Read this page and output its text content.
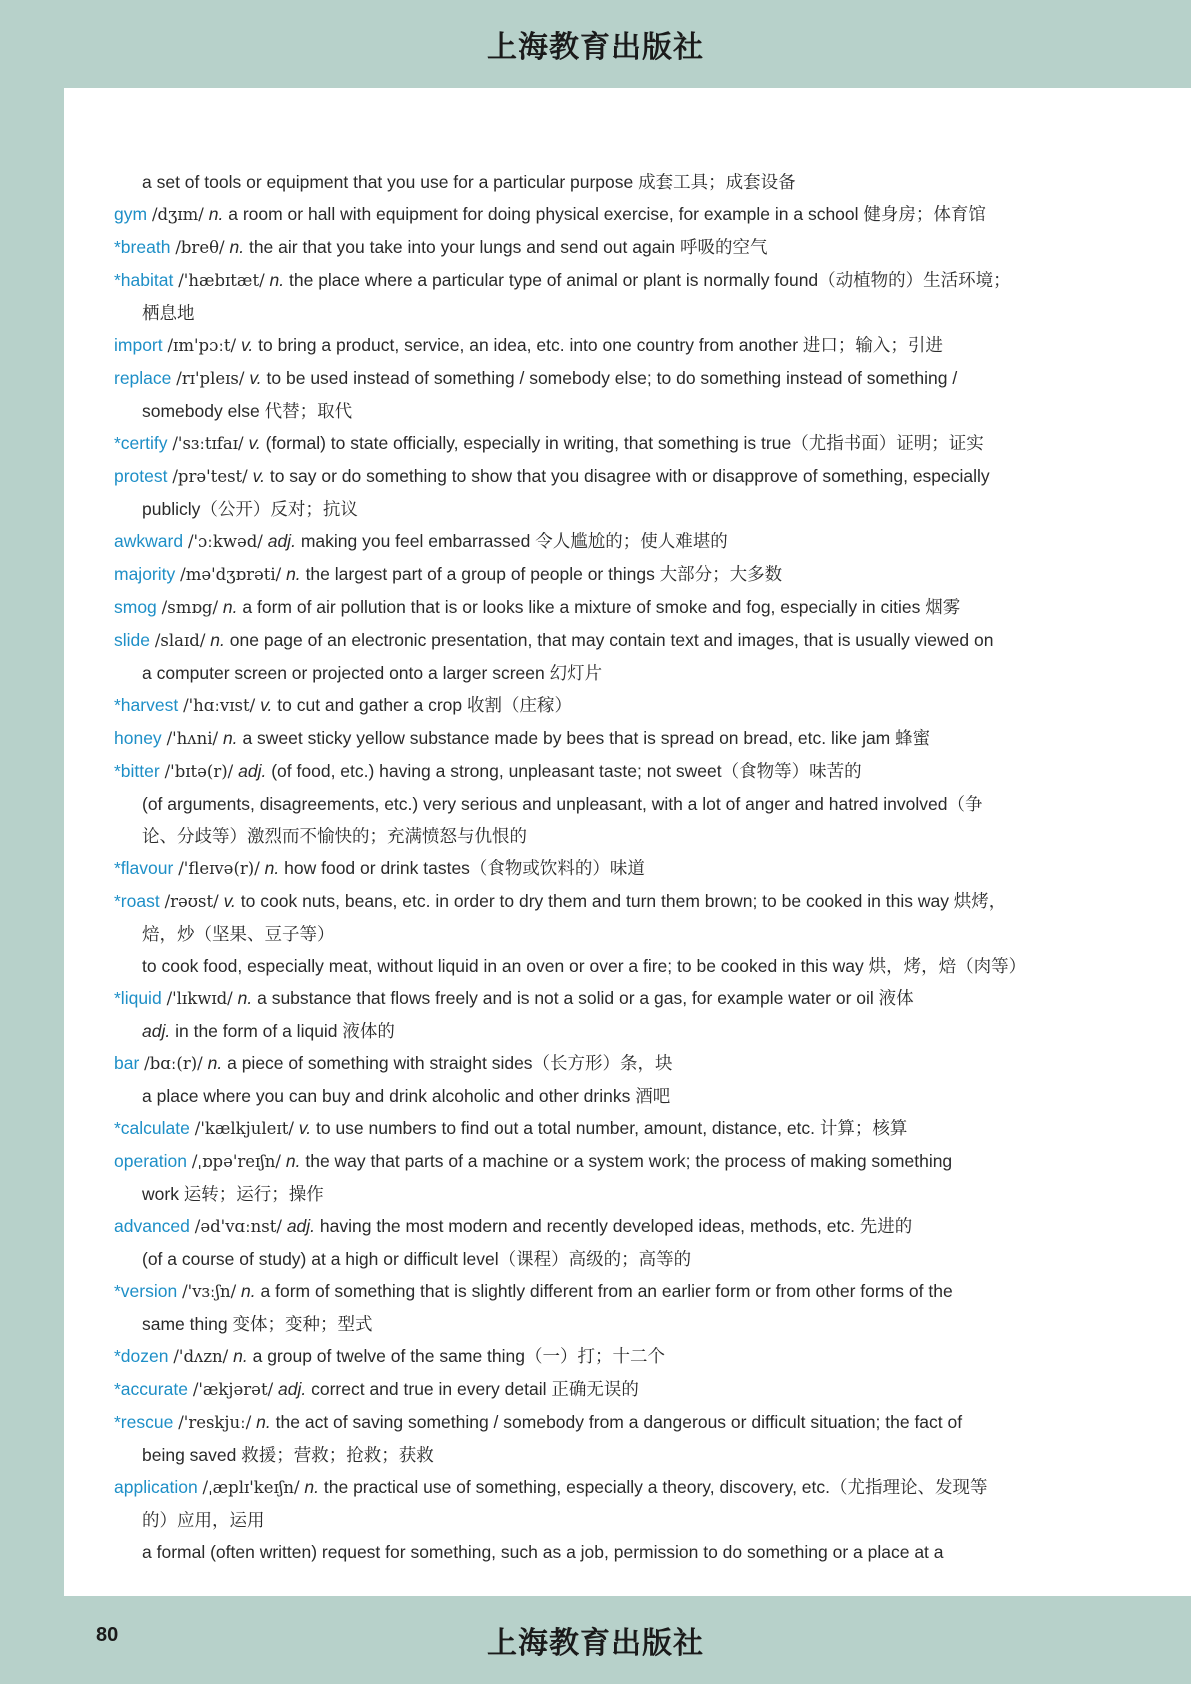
上海教育出版社
a set of tools or equipment that you use for a particular purpose 成套工具；成套设备
gym /dʒɪm/ n. a room or hall with equipment for doing physical exercise, for example in a school 健身房；体育馆
*breath /breθ/ n. the air that you take into your lungs and send out again 呼吸的空气
*habitat /'hæbɪtæt/ n. the place where a particular type of animal or plant is normally found（动植物的）生活环境；
栖息地
import /ɪm'pɔːt/ v. to bring a product, service, an idea, etc. into one country from another 进口；输入；引进
replace /rɪ'pleɪs/ v. to be used instead of something / somebody else; to do something instead of something /
somebody else 代替；取代
*certify /'sɜːtɪfaɪ/ v. (formal) to state officially, especially in writing, that something is true（尤指书面）证明；证实
protest /prə'test/ v. to say or do something to show that you disagree with or disapprove of something, especially
publicly（公开）反对；抗议
awkward /'ɔːkwəd/ adj. making you feel embarrassed 令人尴尬的；使人难堪的
majority /mə'dʒɒrəti/ n. the largest part of a group of people or things 大部分；大多数
smog /smɒg/ n. a form of air pollution that is or looks like a mixture of smoke and fog, especially in cities 烟雾
slide /slaɪd/ n. one page of an electronic presentation, that may contain text and images, that is usually viewed on
a computer screen or projected onto a larger screen 幻灯片
*harvest /'hɑːvɪst/ v. to cut and gather a crop 收割（庄稼）
honey /'hʌni/ n. a sweet sticky yellow substance made by bees that is spread on bread, etc. like jam 蜂蜜
*bitter /'bɪtə(r)/ adj. (of food, etc.) having a strong, unpleasant taste; not sweet（食物等）味苦的
(of arguments, disagreements, etc.) very serious and unpleasant, with a lot of anger and hatred involved（争
论、分歧等）激烈而不愉快的；充满愤怒与仇恨的
*flavour /'fleɪvə(r)/ n. how food or drink tastes（食物或饮料的）味道
*roast /rəʊst/ v. to cook nuts, beans, etc. in order to dry them and turn them brown; to be cooked in this way 烘烤，
焙，炒（坚果、豆子等）
to cook food, especially meat, without liquid in an oven or over a fire; to be cooked in this way 烘，烤，焙（肉等）
*liquid /'lɪkwɪd/ n. a substance that flows freely and is not a solid or a gas, for example water or oil 液体
adj. in the form of a liquid 液体的
bar /bɑː(r)/ n. a piece of something with straight sides（长方形）条，块
a place where you can buy and drink alcoholic and other drinks 酒吧
*calculate /'kælkjuleɪt/ v. to use numbers to find out a total number, amount, distance, etc. 计算；核算
operation /ˌɒpə'reɪʃn/ n. the way that parts of a machine or a system work; the process of making something
work 运转；运行；操作
advanced /əd'vɑːnst/ adj. having the most modern and recently developed ideas, methods, etc. 先进的
(of a course of study) at a high or difficult level（课程）高级的；高等的
*version /'vɜːʃn/ n. a form of something that is slightly different from an earlier form or from other forms of the
same thing 变体；变种；型式
*dozen /'dʌzn/ n. a group of twelve of the same thing（一）打；十二个
*accurate /'ækjərət/ adj. correct and true in every detail 正确无误的
*rescue /'reskjuː/ n. the act of saving something / somebody from a dangerous or difficult situation; the fact of
being saved 救援；营救；抢救；获救
application /ˌæplɪ'keɪʃn/ n. the practical use of something, especially a theory, discovery, etc.（尤指理论、发现等
的）应用，运用
a formal (often written) request for something, such as a job, permission to do something or a place at a
80	上海教育出版社
